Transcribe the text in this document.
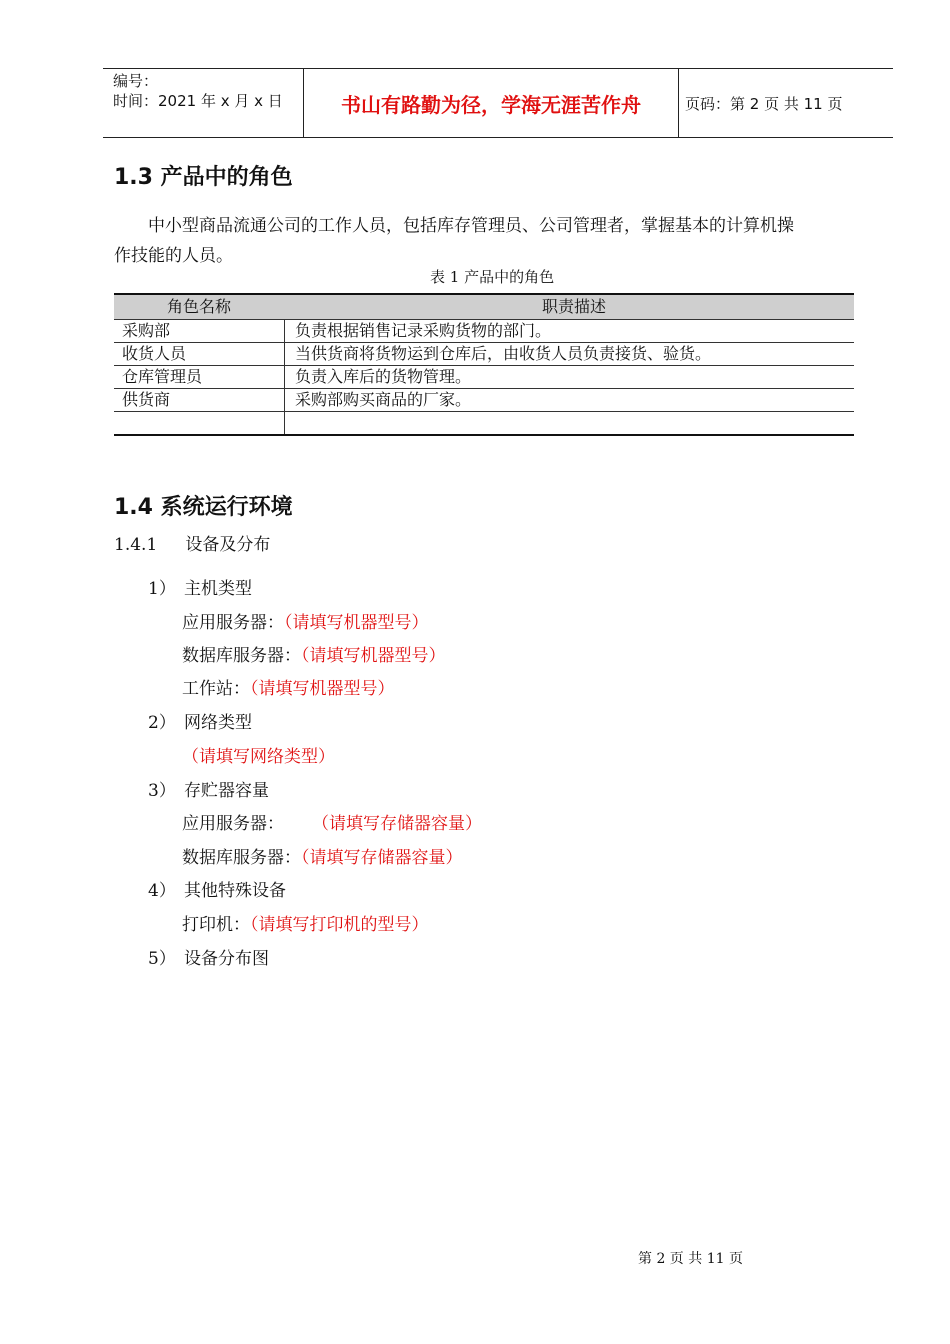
编号：
时间：2021 年 x 月 x 日	书山有路勤为径，学海无涯苦作舟	页码：第 2 页 共 11 页
1.3 产品中的角色
中小型商品流通公司的工作人员，包括库存管理员、公司管理者，掌握基本的计算机操
作技能的人员。
表 1 产品中的角色
角色名称	职责描述
采购部	负责根据销售记录采购货物的部门。
收货人员	当供货商将货物运到仓库后，由收货人员负责接货、验货。
仓库管理员	负责入库后的货物管理。
供货商	采购部购买商品的厂家。
1.4 系统运行环境
1.4.1 设备及分布
1） 主机类型
应用服务器：（请填写机器型号）
数据库服务器：（请填写机器型号）
工作站：（请填写机器型号）
2） 网络类型
（请填写网络类型）
3） 存贮器容量
应用服务器： （请填写存储器容量）
数据库服务器：（请填写存储器容量）
4） 其他特殊设备
打印机：（请填写打印机的型号）
5） 设备分布图
第 2 页 共 11 页
